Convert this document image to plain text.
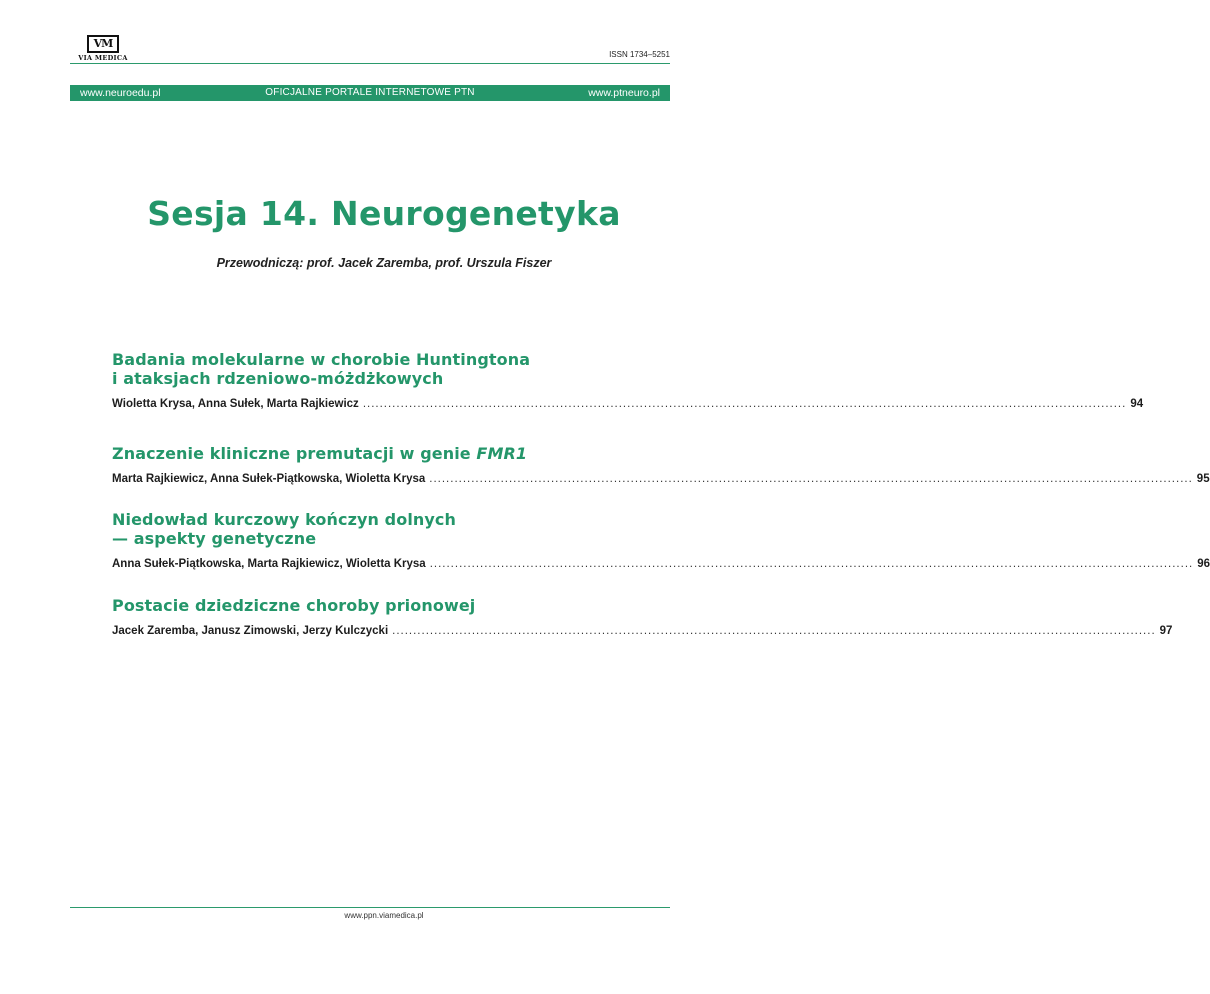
VM
VIA MEDICA	ISSN 1734–5251
OFICJALNE PORTALE INTERNETOWE PTN
www.neuroedu.pl	www.ptneuro.pl
Sesja 14. Neurogenetyka
Przewodniczą: prof. Jacek Zaremba, prof. Urszula Fiszer
Badania molekularne w chorobie Huntingtona
i ataksjach rdzeniowo-móżdżkowych
Wioletta Krysa, Anna Sułek, Marta Rajkiewicz ...................................................................................................................................................................................... 94
Znaczenie kliniczne premutacji w genie FMR1
Marta Rajkiewicz, Anna Sułek-Piątkowska, Wioletta Krysa ...................................................................................................................................................................................... 95
Niedowład kurczowy kończyn dolnych
— aspekty genetyczne
Anna Sułek-Piątkowska, Marta Rajkiewicz, Wioletta Krysa ...................................................................................................................................................................................... 96
Postacie dziedziczne choroby prionowej
Jacek Zaremba, Janusz Zimowski, Jerzy Kulczycki ...................................................................................................................................................................................... 97
www.ppn.viamedica.pl
